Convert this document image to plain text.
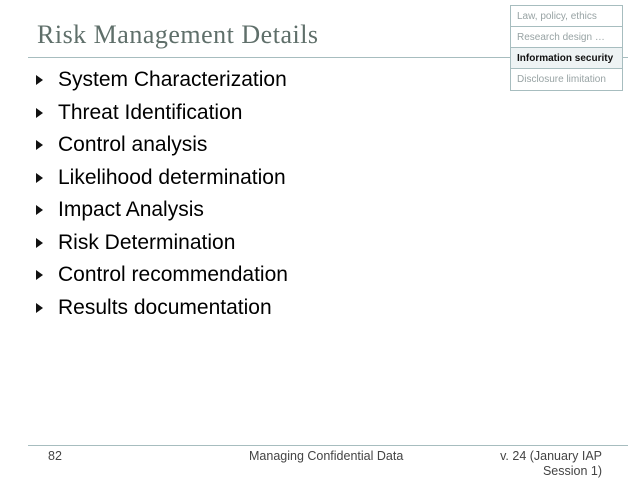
Risk Management Details
Law, policy, ethics
Research design …
Information security
Disclosure limitation
System Characterization
Threat Identification
Control analysis
Likelihood determination
Impact Analysis
Risk Determination
Control recommendation
Results documentation
82	Managing Confidential Data	v. 24 (January IAP
Session 1)
